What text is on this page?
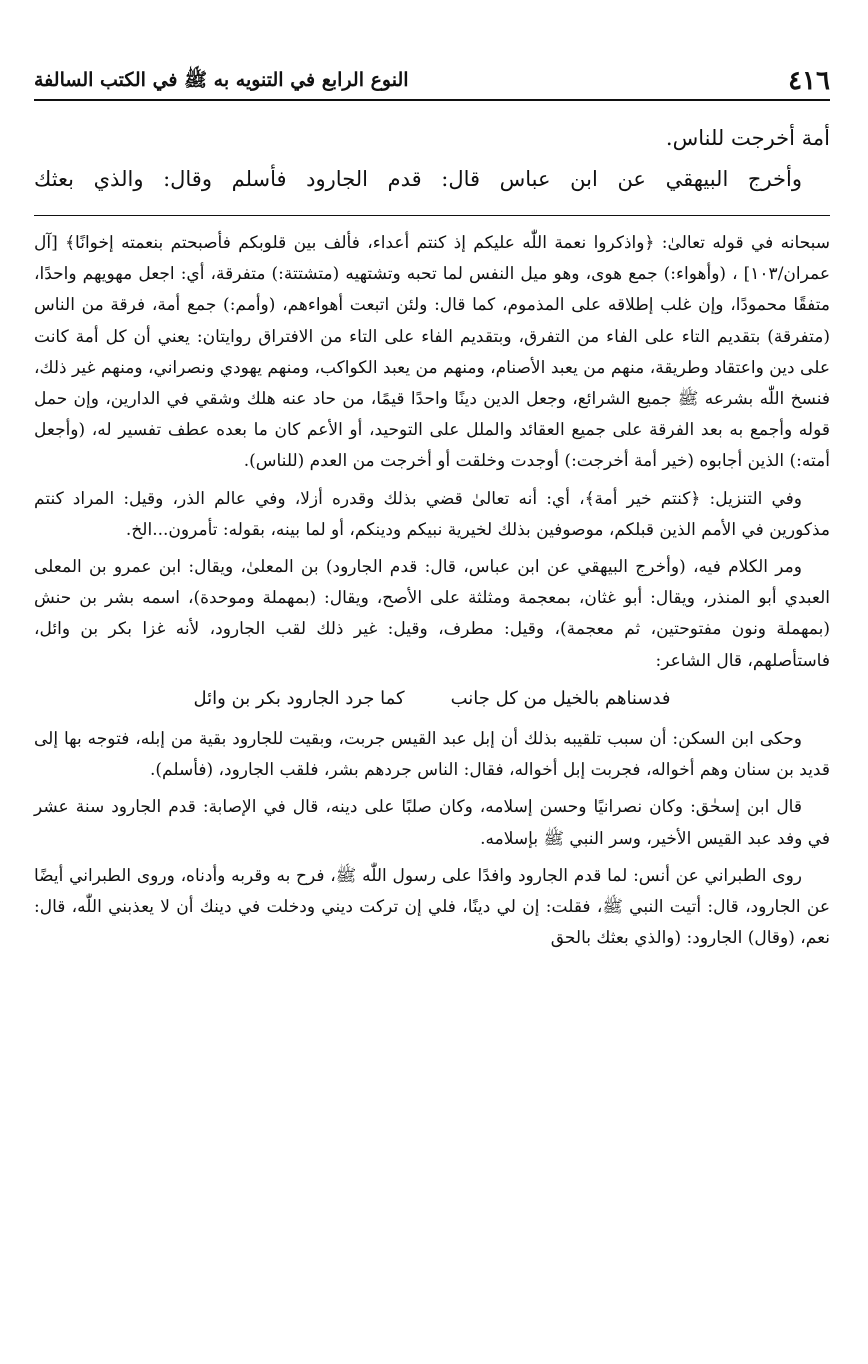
٤١٦
النوع الرابع في التنويه به ﷺ في الكتب السالفة

أمة أخرجت للناس.

وأخرج البيهقي عن ابن عباس قال: قدم الجارود فأسلم وقال: والذي بعثك

سبحانه في قوله تعالىٰ: ﴿واذكروا نعمة اللّٰه عليكم إذ كنتم أعداء، فألف بين قلوبكم فأصبحتم بنعمته إخوانًا﴾ [آل عمران/١٠٣] ، (وأهواء:) جمع هوى، وهو ميل النفس لما تحبه وتشتهيه (متشتتة:) متفرقة، أي: اجعل مهويهم واحدًا، متفقًا محمودًا، وإن غلب إطلاقه على المذموم، كما قال: ولئن اتبعت أهواءهم، (وأمم:) جمع أمة، فرقة من الناس (متفرقة) بتقديم التاء على الفاء من التفرق، وبتقديم الفاء على التاء من الافتراق روايتان: يعني أن كل أمة كانت على دين واعتقاد وطريقة، منهم من يعبد الأصنام، ومنهم من يعبد الكواكب، ومنهم يهودي ونصراني، ومنهم غير ذلك، فنسخ اللّٰه بشرعه ﷺ جميع الشرائع، وجعل الدين دينًا واحدًا قيمًا، من حاد عنه هلك وشقي في الدارين، وإن حمل قوله وأجمع به بعد الفرقة على جميع العقائد والملل على التوحيد، أو الأعم كان ما بعده عطف تفسير له، (وأجعل أمته:) الذين أجابوه (خير أمة أخرجت:) أوجدت وخلقت أو أخرجت من العدم (للناس).

وفي التنزيل: ﴿كنتم خير أمة﴾، أي: أنه تعالىٰ قضي بذلك وقدره أزلا، وفي عالم الذر، وقيل: المراد كنتم مذكورين في الأمم الذين قبلكم، موصوفين بذلك لخيرية نبيكم ودينكم، أو لما بينه، بقوله: تأمرون...الخ.

ومر الكلام فيه، (وأخرج البيهقي عن ابن عباس، قال: قدم الجارود) بن المعلىٰ، ويقال: ابن عمرو بن المعلى العبدي أبو المنذر، ويقال: أبو غثان، بمعجمة ومثلثة على الأصح، ويقال: (بمهملة وموحدة)، اسمه بشر بن حنش (بمهملة ونون مفتوحتين، ثم معجمة)، وقيل: مطرف، وقيل: غير ذلك لقب الجارود، لأنه غزا بكر بن وائل، فاستأصلهم، قال الشاعر:

فدسناهم بالخيل من كل جانب
كما جرد الجارود بكر بن وائل

وحكى ابن السكن: أن سبب تلقيبه بذلك أن إبل عبد القيس جربت، وبقيت للجارود بقية من إبله، فتوجه بها إلى قديد بن سنان وهم أخواله، فجربت إبل أخواله، فقال: الناس جردهم بشر، فلقب الجارود، (فأسلم).

قال ابن إسحٰق: وكان نصرانيًا وحسن إسلامه، وكان صلبًا على دينه، قال في الإصابة: قدم الجارود سنة عشر في وفد عبد القيس الأخير، وسر النبي ﷺ بإسلامه.

روى الطبراني عن أنس: لما قدم الجارود وافدًا على رسول اللّٰه ﷺ، فرح به وقربه وأدناه، وروى الطبراني أيضًا عن الجارود، قال: أتيت النبي ﷺ، فقلت: إن لي دينًا، فلي إن تركت ديني ودخلت في دينك أن لا يعذبني اللّٰه، قال: نعم، (وقال) الجارود: (والذي بعثك بالحق
